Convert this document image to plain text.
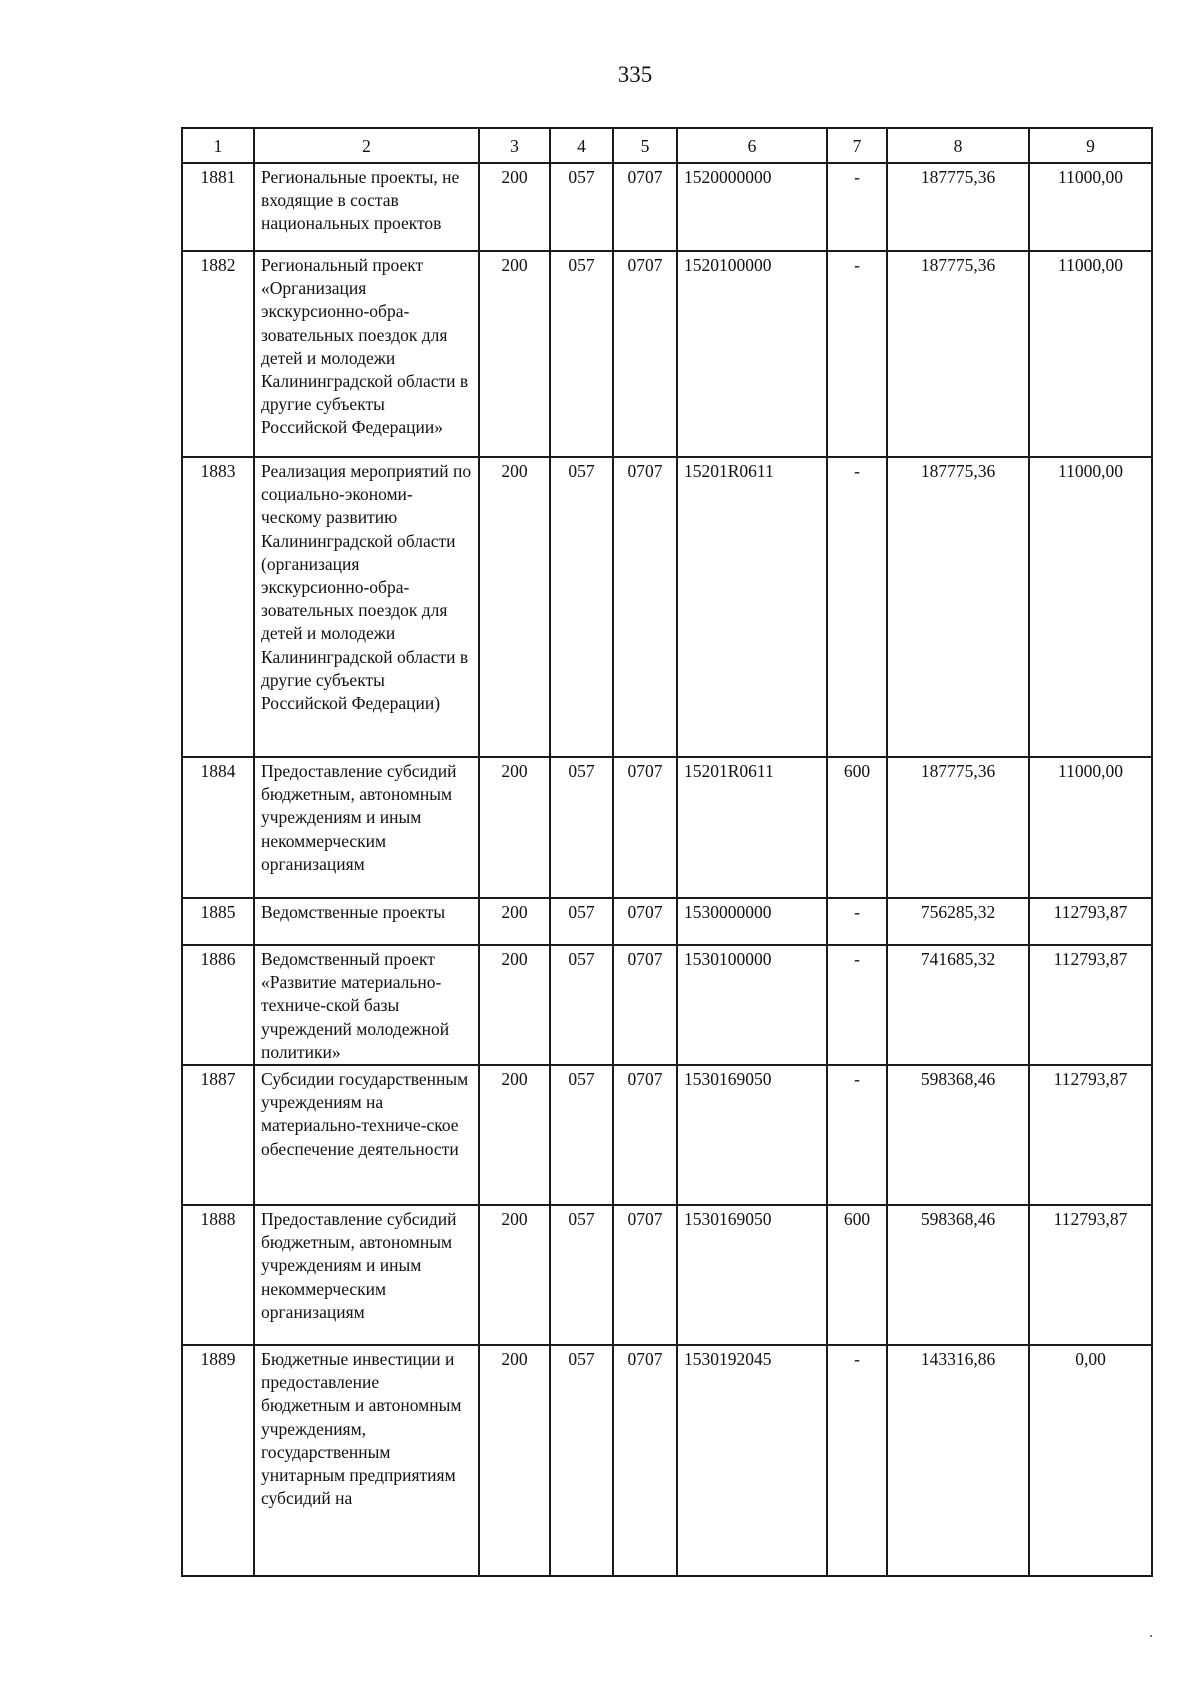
335
1	2	3	4	5	6	7	8	9
1881	Региональные проекты, не входящие в состав национальных проектов	200	057	0707	1520000000	-	187775,36	11000,00
1882	Региональный проект «Организация экскурсионно-обра-зовательных поездок для детей и молодежи Калининградской области в другие субъекты Российской Федерации»	200	057	0707	1520100000	-	187775,36	11000,00
1883	Реализация мероприятий по социально-экономи-ческому развитию Калининградской области (организация экскурсионно-обра-зовательных поездок для детей и молодежи Калининградской области в другие субъекты Российской Федерации)	200	057	0707	15201R0611	-	187775,36	11000,00
1884	Предоставление субсидий бюджетным, автономным учреждениям и иным некоммерческим организациям	200	057	0707	15201R0611	600	187775,36	11000,00
1885	Ведомственные проекты	200	057	0707	1530000000	-	756285,32	112793,87
1886	Ведомственный проект «Развитие материально-техниче-ской базы учреждений молодежной политики»	200	057	0707	1530100000	-	741685,32	112793,87
1887	Субсидии государственным учреждениям на материально-техниче-ское обеспечение деятельности	200	057	0707	1530169050	-	598368,46	112793,87
1888	Предоставление субсидий бюджетным, автономным учреждениям и иным некоммерческим организациям	200	057	0707	1530169050	600	598368,46	112793,87
1889	Бюджетные инвестиции и предоставление бюджетным и автономным учреждениям, государственным унитарным предприятиям субсидий на	200	057	0707	1530192045	-	143316,86	0,00
